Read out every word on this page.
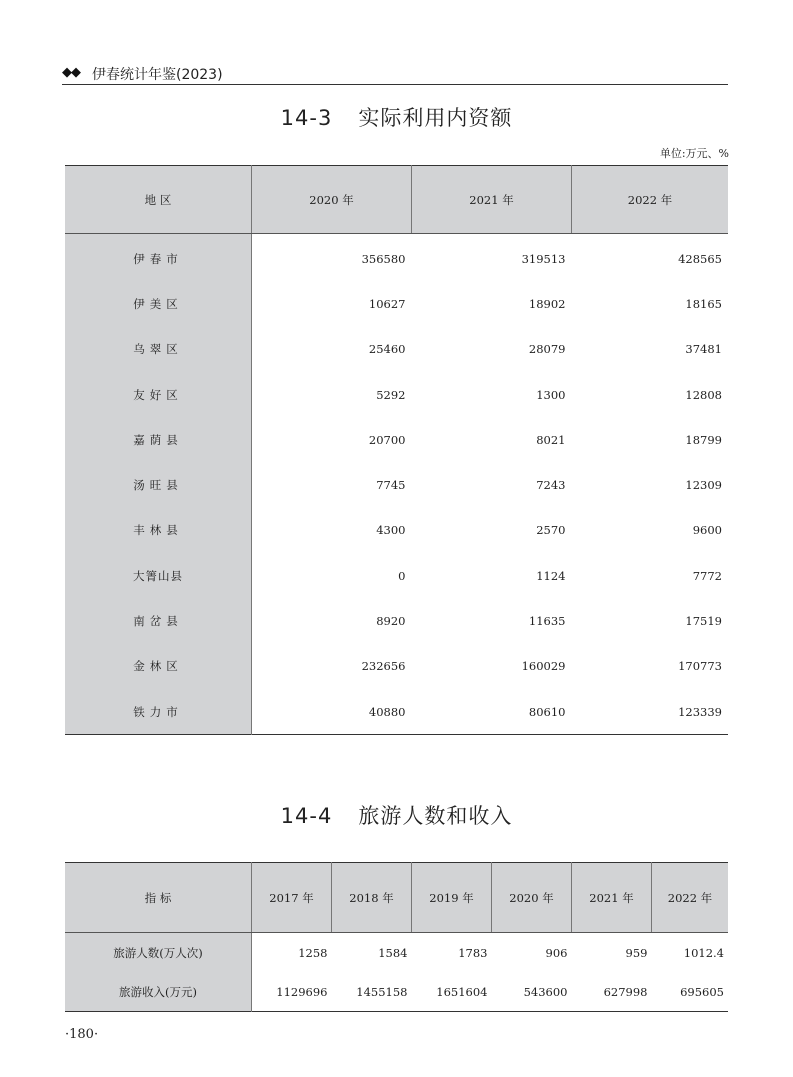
◆◆ 伊春统计年鉴(2023)
14-3 实际利用内资额
单位:万元、%
地 区	2020 年	2021 年	2022 年
伊春市	356580	319513	428565
伊美区	10627	18902	18165
乌翠区	25460	28079	37481
友好区	5292	1300	12808
嘉荫县	20700	8021	18799
汤旺县	7745	7243	12309
丰林县	4300	2570	9600
大箐山县	0	1124	7772
南岔县	8920	11635	17519
金林区	232656	160029	170773
铁力市	40880	80610	123339
14-4 旅游人数和收入
指 标	2017 年	2018 年	2019 年	2020 年	2021 年	2022 年
旅游人数(万人次)	1258	1584	1783	906	959	1012.4
旅游收入(万元)	1129696	1455158	1651604	543600	627998	695605
·180·
